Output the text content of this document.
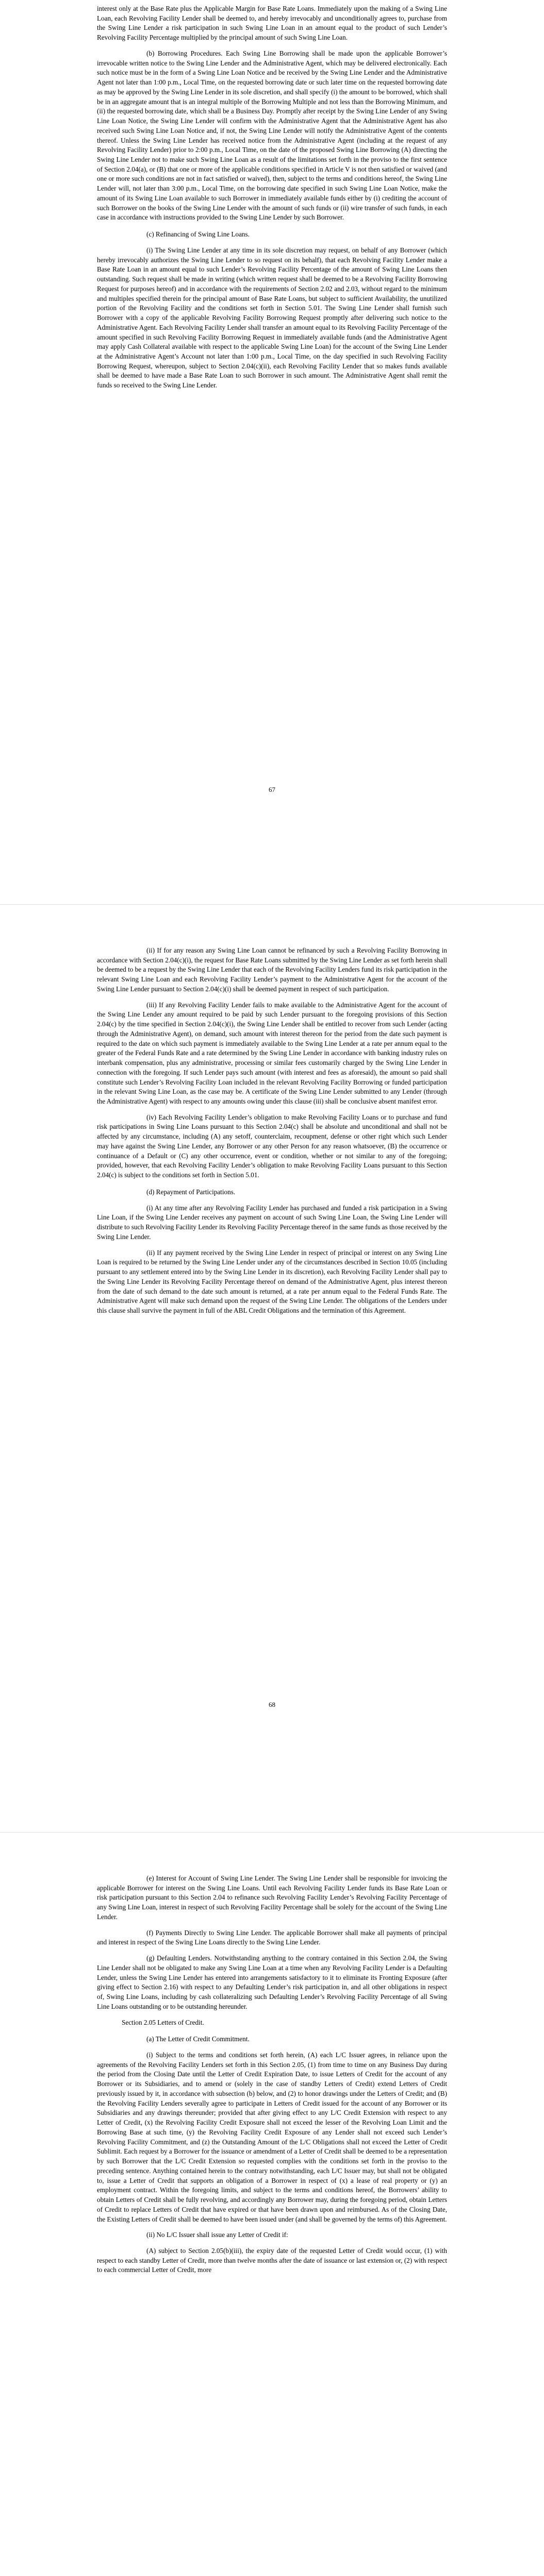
interest only at the Base Rate plus the Applicable Margin for Base Rate Loans. Immediately upon the making of a Swing Line Loan, each Revolving Facility Lender shall be deemed to, and hereby irrevocably and unconditionally agrees to, purchase from the Swing Line Lender a risk participation in such Swing Line Loan in an amount equal to the product of such Lender’s Revolving Facility Percentage multiplied by the principal amount of such Swing Line Loan.

(b) Borrowing Procedures. Each Swing Line Borrowing shall be made upon the applicable Borrower’s irrevocable written notice to the Swing Line Lender and the Administrative Agent, which may be delivered electronically. Each such notice must be in the form of a Swing Line Loan Notice and be received by the Swing Line Lender and the Administrative Agent not later than 1:00 p.m., Local Time, on the requested borrowing date or such later time on the requested borrowing date as may be approved by the Swing Line Lender in its sole discretion, and shall specify (i) the amount to be borrowed, which shall be in an aggregate amount that is an integral multiple of the Borrowing Multiple and not less than the Borrowing Minimum, and (ii) the requested borrowing date, which shall be a Business Day. Promptly after receipt by the Swing Line Lender of any Swing Line Loan Notice, the Swing Line Lender will confirm with the Administrative Agent that the Administrative Agent has also received such Swing Line Loan Notice and, if not, the Swing Line Lender will notify the Administrative Agent of the contents thereof. Unless the Swing Line Lender has received notice from the Administrative Agent (including at the request of any Revolving Facility Lender) prior to 2:00 p.m., Local Time, on the date of the proposed Swing Line Borrowing (A) directing the Swing Line Lender not to make such Swing Line Loan as a result of the limitations set forth in the proviso to the first sentence of Section 2.04(a), or (B) that one or more of the applicable conditions specified in Article V is not then satisfied or waived (and one or more such conditions are not in fact satisfied or waived), then, subject to the terms and conditions hereof, the Swing Line Lender will, not later than 3:00 p.m., Local Time, on the borrowing date specified in such Swing Line Loan Notice, make the amount of its Swing Line Loan available to such Borrower in immediately available funds either by (i) crediting the account of such Borrower on the books of the Swing Line Lender with the amount of such funds or (ii) wire transfer of such funds, in each case in accordance with instructions provided to the Swing Line Lender by such Borrower.

(c) Refinancing of Swing Line Loans.

(i) The Swing Line Lender at any time in its sole discretion may request, on behalf of any Borrower (which hereby irrevocably authorizes the Swing Line Lender to so request on its behalf), that each Revolving Facility Lender make a Base Rate Loan in an amount equal to such Lender’s Revolving Facility Percentage of the amount of Swing Line Loans then outstanding. Such request shall be made in writing (which written request shall be deemed to be a Revolving Facility Borrowing Request for purposes hereof) and in accordance with the requirements of Section 2.02 and 2.03, without regard to the minimum and multiples specified therein for the principal amount of Base Rate Loans, but subject to sufficient Availability, the unutilized portion of the Revolving Facility and the conditions set forth in Section 5.01. The Swing Line Lender shall furnish such Borrower with a copy of the applicable Revolving Facility Borrowing Request promptly after delivering such notice to the Administrative Agent. Each Revolving Facility Lender shall transfer an amount equal to its Revolving Facility Percentage of the amount specified in such Revolving Facility Borrowing Request in immediately available funds (and the Administrative Agent may apply Cash Collateral available with respect to the applicable Swing Line Loan) for the account of the Swing Line Lender at the Administrative Agent’s Account not later than 1:00 p.m., Local Time, on the day specified in such Revolving Facility Borrowing Request, whereupon, subject to Section 2.04(c)(ii), each Revolving Facility Lender that so makes funds available shall be deemed to have made a Base Rate Loan to such Borrower in such amount. The Administrative Agent shall remit the funds so received to the Swing Line Lender.

67

(ii) If for any reason any Swing Line Loan cannot be refinanced by such a Revolving Facility Borrowing in accordance with Section 2.04(c)(i), the request for Base Rate Loans submitted by the Swing Line Lender as set forth herein shall be deemed to be a request by the Swing Line Lender that each of the Revolving Facility Lenders fund its risk participation in the relevant Swing Line Loan and each Revolving Facility Lender’s payment to the Administrative Agent for the account of the Swing Line Lender pursuant to Section 2.04(c)(i) shall be deemed payment in respect of such participation.

(iii) If any Revolving Facility Lender fails to make available to the Administrative Agent for the account of the Swing Line Lender any amount required to be paid by such Lender pursuant to the foregoing provisions of this Section 2.04(c) by the time specified in Section 2.04(c)(i), the Swing Line Lender shall be entitled to recover from such Lender (acting through the Administrative Agent), on demand, such amount with interest thereon for the period from the date such payment is required to the date on which such payment is immediately available to the Swing Line Lender at a rate per annum equal to the greater of the Federal Funds Rate and a rate determined by the Swing Line Lender in accordance with banking industry rules on interbank compensation, plus any administrative, processing or similar fees customarily charged by the Swing Line Lender in connection with the foregoing. If such Lender pays such amount (with interest and fees as aforesaid), the amount so paid shall constitute such Lender’s Revolving Facility Loan included in the relevant Revolving Facility Borrowing or funded participation in the relevant Swing Line Loan, as the case may be. A certificate of the Swing Line Lender submitted to any Lender (through the Administrative Agent) with respect to any amounts owing under this clause (iii) shall be conclusive absent manifest error.

(iv) Each Revolving Facility Lender’s obligation to make Revolving Facility Loans or to purchase and fund risk participations in Swing Line Loans pursuant to this Section 2.04(c) shall be absolute and unconditional and shall not be affected by any circumstance, including (A) any setoff, counterclaim, recoupment, defense or other right which such Lender may have against the Swing Line Lender, any Borrower or any other Person for any reason whatsoever, (B) the occurrence or continuance of a Default or (C) any other occurrence, event or condition, whether or not similar to any of the foregoing; provided, however, that each Revolving Facility Lender’s obligation to make Revolving Facility Loans pursuant to this Section 2.04(c) is subject to the conditions set forth in Section 5.01.

(d) Repayment of Participations.

(i) At any time after any Revolving Facility Lender has purchased and funded a risk participation in a Swing Line Loan, if the Swing Line Lender receives any payment on account of such Swing Line Loan, the Swing Line Lender will distribute to such Revolving Facility Lender its Revolving Facility Percentage thereof in the same funds as those received by the Swing Line Lender.

(ii) If any payment received by the Swing Line Lender in respect of principal or interest on any Swing Line Loan is required to be returned by the Swing Line Lender under any of the circumstances described in Section 10.05 (including pursuant to any settlement entered into by the Swing Line Lender in its discretion), each Revolving Facility Lender shall pay to the Swing Line Lender its Revolving Facility Percentage thereof on demand of the Administrative Agent, plus interest thereon from the date of such demand to the date such amount is returned, at a rate per annum equal to the Federal Funds Rate. The Administrative Agent will make such demand upon the request of the Swing Line Lender. The obligations of the Lenders under this clause shall survive the payment in full of the ABL Credit Obligations and the termination of this Agreement.

68

(e) Interest for Account of Swing Line Lender. The Swing Line Lender shall be responsible for invoicing the applicable Borrower for interest on the Swing Line Loans. Until each Revolving Facility Lender funds its Base Rate Loan or risk participation pursuant to this Section 2.04 to refinance such Revolving Facility Lender’s Revolving Facility Percentage of any Swing Line Loan, interest in respect of such Revolving Facility Percentage shall be solely for the account of the Swing Line Lender.

(f) Payments Directly to Swing Line Lender. The applicable Borrower shall make all payments of principal and interest in respect of the Swing Line Loans directly to the Swing Line Lender.

(g) Defaulting Lenders. Notwithstanding anything to the contrary contained in this Section 2.04, the Swing Line Lender shall not be obligated to make any Swing Line Loan at a time when any Revolving Facility Lender is a Defaulting Lender, unless the Swing Line Lender has entered into arrangements satisfactory to it to eliminate its Fronting Exposure (after giving effect to Section 2.16) with respect to any Defaulting Lender’s risk participation in, and all other obligations in respect of, Swing Line Loans, including by cash collateralizing such Defaulting Lender’s Revolving Facility Percentage of all Swing Line Loans outstanding or to be outstanding hereunder.

Section 2.05 Letters of Credit.

(a) The Letter of Credit Commitment.

(i) Subject to the terms and conditions set forth herein, (A) each L/C Issuer agrees, in reliance upon the agreements of the Revolving Facility Lenders set forth in this Section 2.05, (1) from time to time on any Business Day during the period from the Closing Date until the Letter of Credit Expiration Date, to issue Letters of Credit for the account of any Borrower or its Subsidiaries, and to amend or (solely in the case of standby Letters of Credit) extend Letters of Credit previously issued by it, in accordance with subsection (b) below, and (2) to honor drawings under the Letters of Credit; and (B) the Revolving Facility Lenders severally agree to participate in Letters of Credit issued for the account of any Borrower or its Subsidiaries and any drawings thereunder; provided that after giving effect to any L/C Credit Extension with respect to any Letter of Credit, (x) the Revolving Facility Credit Exposure shall not exceed the lesser of the Revolving Loan Limit and the Borrowing Base at such time, (y) the Revolving Facility Credit Exposure of any Lender shall not exceed such Lender’s Revolving Facility Commitment, and (z) the Outstanding Amount of the L/C Obligations shall not exceed the Letter of Credit Sublimit. Each request by a Borrower for the issuance or amendment of a Letter of Credit shall be deemed to be a representation by such Borrower that the L/C Credit Extension so requested complies with the conditions set forth in the proviso to the preceding sentence. Anything contained herein to the contrary notwithstanding, each L/C Issuer may, but shall not be obligated to, issue a Letter of Credit that supports an obligation of a Borrower in respect of (x) a lease of real property or (y) an employment contract. Within the foregoing limits, and subject to the terms and conditions hereof, the Borrowers’ ability to obtain Letters of Credit shall be fully revolving, and accordingly any Borrower may, during the foregoing period, obtain Letters of Credit to replace Letters of Credit that have expired or that have been drawn upon and reimbursed. As of the Closing Date, the Existing Letters of Credit shall be deemed to have been issued under (and shall be governed by the terms of) this Agreement.

(ii) No L/C Issuer shall issue any Letter of Credit if:

(A) subject to Section 2.05(b)(iii), the expiry date of the requested Letter of Credit would occur, (1) with respect to each standby Letter of Credit, more than twelve months after the date of issuance or last extension or, (2) with respect to each commercial Letter of Credit, more
